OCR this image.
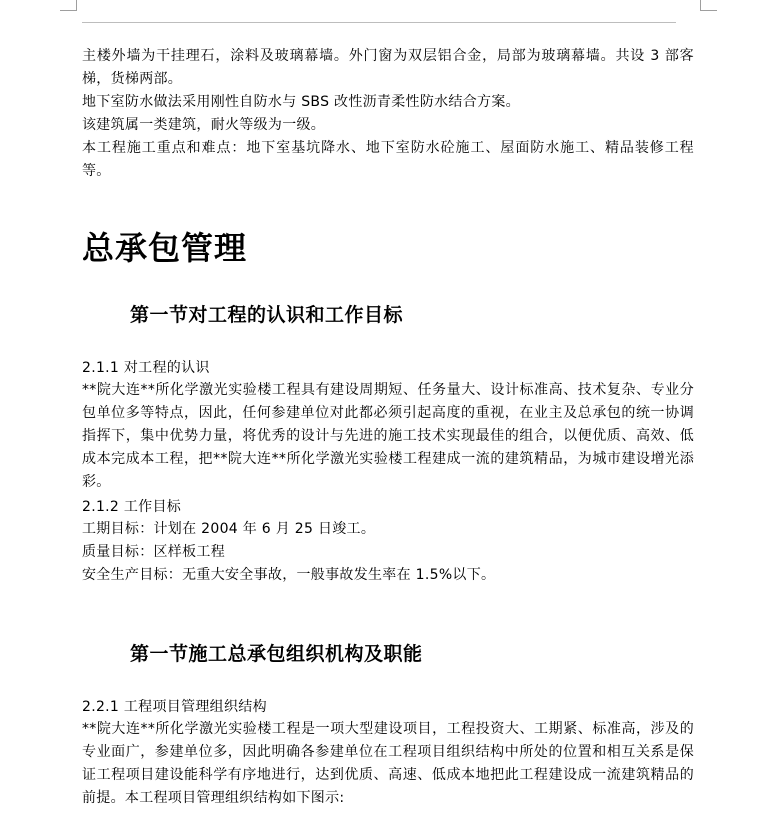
主楼外墙为干挂理石，涂料及玻璃幕墙。外门窗为双层铝合金，局部为玻璃幕墙。共设 3 部客梯，货梯两部。
地下室防水做法采用刚性自防水与 SBS 改性沥青柔性防水结合方案。
该建筑属一类建筑，耐火等级为一级。
本工程施工重点和难点：地下室基坑降水、地下室防水砼施工、屋面防水施工、精品装修工程等。
总承包管理
第一节对工程的认识和工作目标
2.1.1 对工程的认识
**院大连**所化学激光实验楼工程具有建设周期短、任务量大、设计标准高、技术复杂、专业分包单位多等特点，因此，任何参建单位对此都必须引起高度的重视，在业主及总承包的统一协调指挥下，集中优势力量，将优秀的设计与先进的施工技术实现最佳的组合，以便优质、高效、低成本完成本工程，把**院大连**所化学激光实验楼工程建成一流的建筑精品，为城市建设增光添彩。
2.1.2 工作目标
工期目标：计划在 2004 年 6 月 25 日竣工。
质量目标：区样板工程
安全生产目标：无重大安全事故，一般事故发生率在 1.5%以下。
第一节施工总承包组织机构及职能
2.2.1 工程项目管理组织结构
**院大连**所化学激光实验楼工程是一项大型建设项目，工程投资大、工期紧、标准高，涉及的专业面广，参建单位多，因此明确各参建单位在工程项目组织结构中所处的位置和相互关系是保证工程项目建设能科学有序地进行，达到优质、高速、低成本地把此工程建设成一流建筑精品的前提。本工程项目管理组织结构如下图示:
